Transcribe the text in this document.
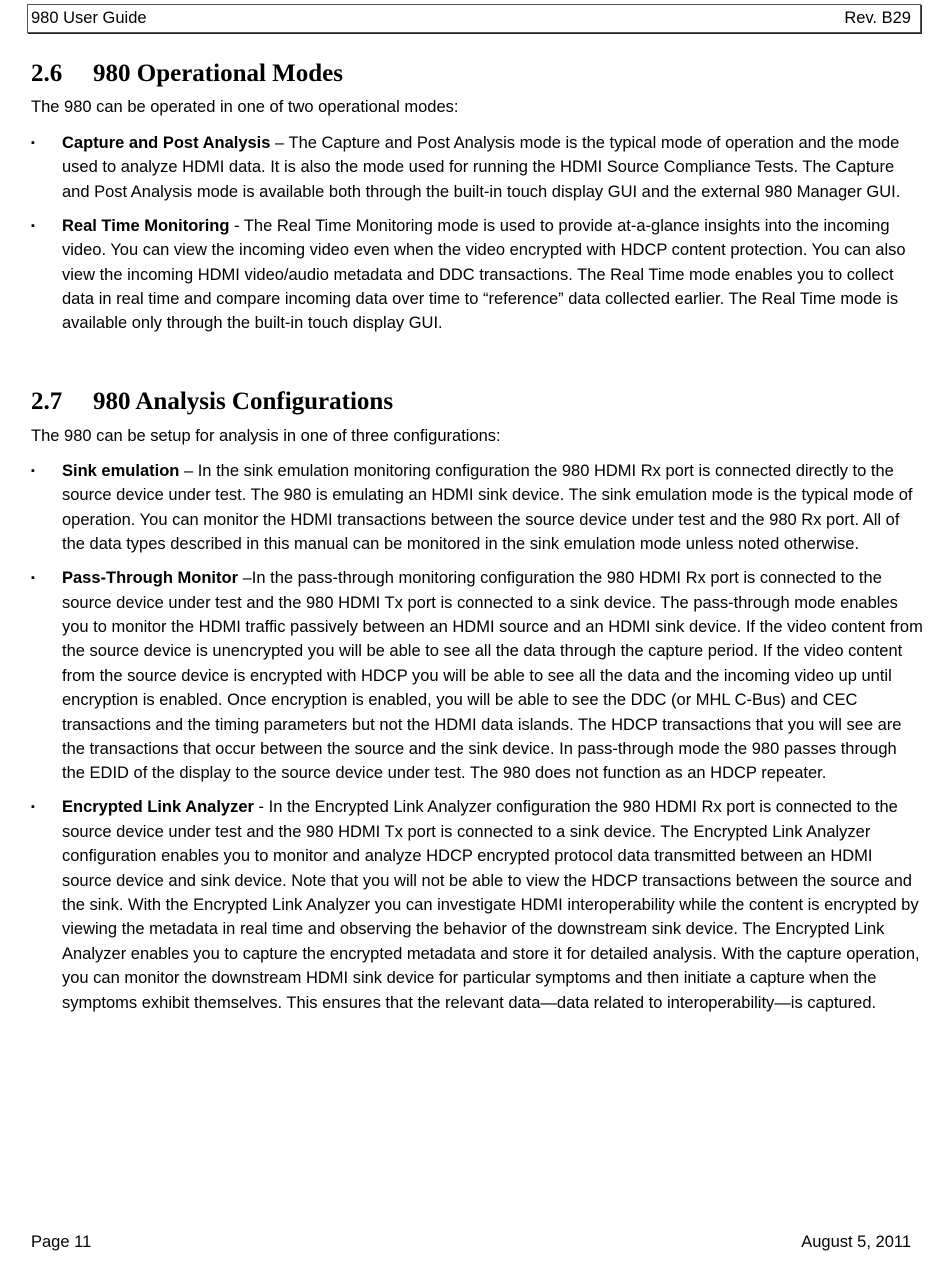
980 User Guide	Rev. B29
2.6 980 Operational Modes

The 980 can be operated in one of two operational modes:

▪ Capture and Post Analysis – The Capture and Post Analysis mode is the typical mode of operation and the mode used to analyze HDMI data. It is also the mode used for running the HDMI Source Compliance Tests. The Capture and Post Analysis mode is available both through the built-in touch display GUI and the external 980 Manager GUI.
▪ Real Time Monitoring - The Real Time Monitoring mode is used to provide at-a-glance insights into the incoming video. You can view the incoming video even when the video encrypted with HDCP content protection. You can also view the incoming HDMI video/audio metadata and DDC transactions. The Real Time mode enables you to collect data in real time and compare incoming data over time to “reference” data collected earlier. The Real Time mode is available only through the built-in touch display GUI.
2.7 980 Analysis Configurations

The 980 can be setup for analysis in one of three configurations:

▪ Sink emulation – In the sink emulation monitoring configuration the 980 HDMI Rx port is connected directly to the source device under test. The 980 is emulating an HDMI sink device. The sink emulation mode is the typical mode of operation. You can monitor the HDMI transactions between the source device under test and the 980 Rx port. All of the data types described in this manual can be monitored in the sink emulation mode unless noted otherwise.
▪ Pass-Through Monitor –In the pass-through monitoring configuration the 980 HDMI Rx port is connected to the source device under test and the 980 HDMI Tx port is connected to a sink device. The pass-through mode enables you to monitor the HDMI traffic passively between an HDMI source and an HDMI sink device. If the video content from the source device is unencrypted you will be able to see all the data through the capture period. If the video content from the source device is encrypted with HDCP you will be able to see all the data and the incoming video up until encryption is enabled. Once encryption is enabled, you will be able to see the DDC (or MHL C-Bus) and CEC transactions and the timing parameters but not the HDMI data islands. The HDCP transactions that you will see are the transactions that occur between the source and the sink device. In pass-through mode the 980 passes through the EDID of the display to the source device under test. The 980 does not function as an HDCP repeater.
▪ Encrypted Link Analyzer - In the Encrypted Link Analyzer configuration the 980 HDMI Rx port is connected to the source device under test and the 980 HDMI Tx port is connected to a sink device. The Encrypted Link Analyzer configuration enables you to monitor and analyze HDCP encrypted protocol data transmitted between an HDMI source device and sink device. Note that you will not be able to view the HDCP transactions between the source and the sink. With the Encrypted Link Analyzer you can investigate HDMI interoperability while the content is encrypted by viewing the metadata in real time and observing the behavior of the downstream sink device. The Encrypted Link Analyzer enables you to capture the encrypted metadata and store it for detailed analysis. With the capture operation, you can monitor the downstream HDMI sink device for particular symptoms and then initiate a capture when the symptoms exhibit themselves. This ensures that the relevant data—data related to interoperability—is captured.
Page 11	August 5, 2011
